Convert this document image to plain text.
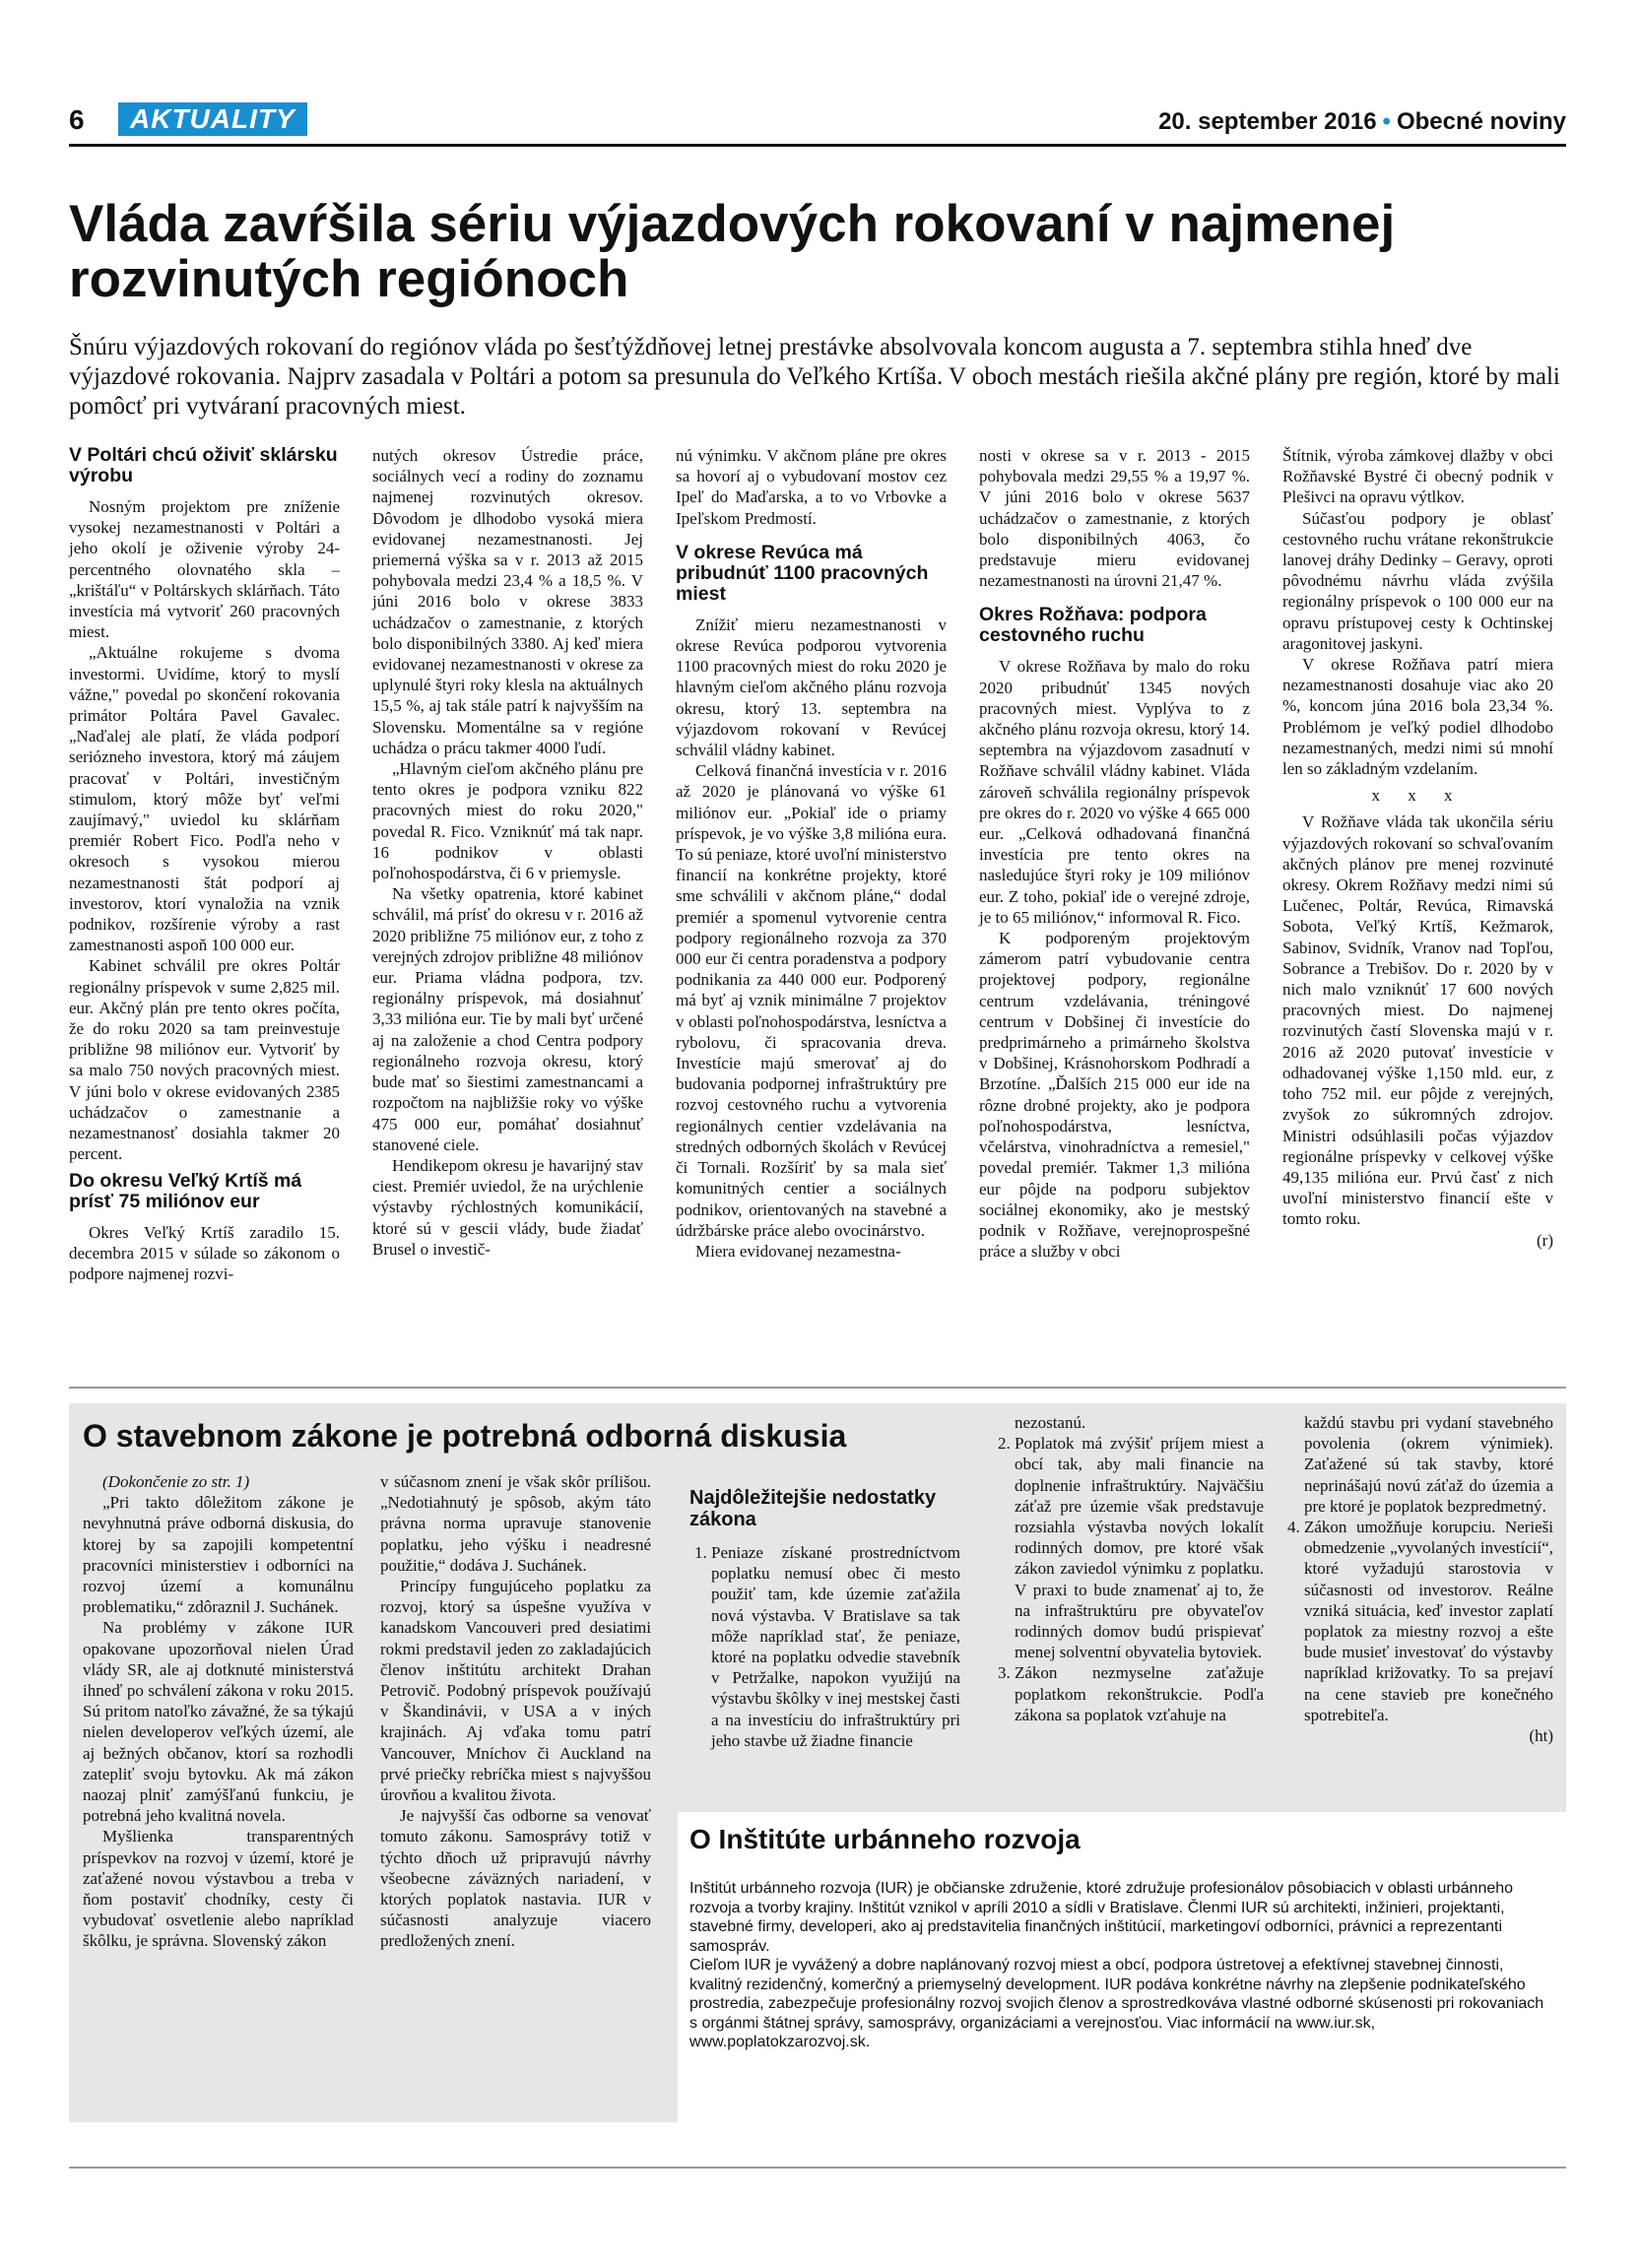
6	AKTUALITY	20. september 2016 • Obecné noviny
Vláda zavŕšila sériu výjazdových rokovaní v najmenej rozvinutých regiónoch

Šnúru výjazdových rokovaní do regiónov vláda po šesťtýždňovej letnej prestávke absolvovala koncom augusta a 7. septembra stihla hneď dve výjazdové rokovania. Najprv zasadala v Poltári a potom sa presunula do Veľkého Krtíša. V oboch mestách riešila akčné plány pre región, ktoré by mali pomôcť pri vytváraní pracovných miest.

V Poltári chcú oživiť sklársku výrobu

Nosným projektom pre zníženie vysokej nezamestnanosti v Poltári a jeho okolí je oživenie výroby 24-percentného olovnatého skla – „krištáľu“ v Poltárskych sklárňach. Táto investícia má vytvoriť 260 pracovných miest.

„Aktuálne rokujeme s dvoma investormi. Uvidíme, ktorý to myslí vážne," povedal po skončení rokovania primátor Poltára Pavel Gavalec. „Naďalej ale platí, že vláda podporí seriózneho investora, ktorý má záujem pracovať v Poltári, investičným stimulom, ktorý môže byť veľmi zaujímavý," uviedol ku sklárňam premiér Robert Fico. Podľa neho v okresoch s vysokou mierou nezamestnanosti štát podporí aj investorov, ktorí vynaložia na vznik podnikov, rozšírenie výroby a rast zamestnanosti aspoň 100 000 eur.

Kabinet schválil pre okres Poltár regionálny príspevok v sume 2,825 mil. eur. Akčný plán pre tento okres počíta, že do roku 2020 sa tam preinvestuje približne 98 miliónov eur. Vytvoriť by sa malo 750 nových pracovných miest. V júni bolo v okrese evidovaných 2385 uchádzačov o zamestnanie a nezamestnanosť dosiahla takmer 20 percent.

Do okresu Veľký Krtíš má prísť 75 miliónov eur

Okres Veľký Krtíš zaradilo 15. decembra 2015 v súlade so zákonom o podpore najmenej rozvi-

nutých okresov Ústredie práce, sociálnych vecí a rodiny do zoznamu najmenej rozvinutých okresov. Dôvodom je dlhodobo vysoká miera evidovanej nezamestnanosti. Jej priemerná výška sa v r. 2013 až 2015 pohybovala medzi 23,4 % a 18,5 %. V júni 2016 bolo v okrese 3833 uchádzačov o zamestnanie, z ktorých bolo disponibilných 3380. Aj keď miera evidovanej nezamestnanosti v okrese za uplynulé štyri roky klesla na aktuálnych 15,5 %, aj tak stále patrí k najvyšším na Slovensku. Momentálne sa v regióne uchádza o prácu takmer 4000 ľudí.

„Hlavným cieľom akčného plánu pre tento okres je podpora vzniku 822 pracovných miest do roku 2020," povedal R. Fico. Vzniknúť má tak napr. 16 podnikov v oblasti poľnohospodárstva, či 6 v priemysle.

Na všetky opatrenia, ktoré kabinet schválil, má prísť do okresu v r. 2016 až 2020 približne 75 miliónov eur, z toho z verejných zdrojov približne 48 miliónov eur. Priama vládna podpora, tzv. regionálny príspevok, má dosiahnuť 3,33 milióna eur. Tie by mali byť určené aj na založenie a chod Centra podpory regionálneho rozvoja okresu, ktorý bude mať so šiestimi zamestnancami a rozpočtom na najbližšie roky vo výške 475 000 eur, pomáhať dosiahnuť stanovené ciele.

Hendikepom okresu je havarijný stav ciest. Premiér uviedol, že na urýchlenie výstavby rýchlostných komunikácií, ktoré sú v gescii vlády, bude žiadať Brusel o investič-

nú výnimku. V akčnom pláne pre okres sa hovorí aj o vybudovaní mostov cez Ipeľ do Maďarska, a to vo Vrbovke a Ipeľskom Predmostí.

V okrese Revúca má pribudnúť 1100 pracovných miest

Znížiť mieru nezamestnanosti v okrese Revúca podporou vytvorenia 1100 pracovných miest do roku 2020 je hlavným cieľom akčného plánu rozvoja okresu, ktorý 13. septembra na výjazdovom rokovaní v Revúcej schválil vládny kabinet.

Celková finančná investícia v r. 2016 až 2020 je plánovaná vo výške 61 miliónov eur. „Pokiaľ ide o priamy príspevok, je vo výške 3,8 milióna eura. To sú peniaze, ktoré uvoľní ministerstvo financií na konkrétne projekty, ktoré sme schválili v akčnom pláne,“ dodal premiér a spomenul vytvorenie centra podpory regionálneho rozvoja za 370 000 eur či centra poradenstva a podpory podnikania za 440 000 eur. Podporený má byť aj vznik minimálne 7 projektov v oblasti poľnohospodárstva, lesníctva a rybolovu, či spracovania dreva. Investície majú smerovať aj do budovania podpornej infraštruktúry pre rozvoj cestovného ruchu a vytvorenia regionálnych centier vzdelávania na stredných odborných školách v Revúcej či Tornali. Rozšíriť by sa mala sieť komunitných centier a sociálnych podnikov, orientovaných na stavebné a údržbárske práce alebo ovocinárstvo.

Miera evidovanej nezamestna-

nosti v okrese sa v r. 2013 - 2015 pohybovala medzi 29,55 % a 19,97 %. V júni 2016 bolo v okrese 5637 uchádzačov o zamestnanie, z ktorých bolo disponibilných 4063, čo predstavuje mieru evidovanej nezamestnanosti na úrovni 21,47 %.

Okres Rožňava: podpora cestovného ruchu

V okrese Rožňava by malo do roku 2020 pribudnúť 1345 nových pracovných miest. Vyplýva to z akčného plánu rozvoja okresu, ktorý 14. septembra na výjazdovom zasadnutí v Rožňave schválil vládny kabinet. Vláda zároveň schválila regionálny príspevok pre okres do r. 2020 vo výške 4 665 000 eur. „Celková odhadovaná finančná investícia pre tento okres na nasledujúce štyri roky je 109 miliónov eur. Z toho, pokiaľ ide o verejné zdroje, je to 65 miliónov,“ informoval R. Fico.

K podporeným projektovým zámerom patrí vybudovanie centra projektovej podpory, regionálne centrum vzdelávania, tréningové centrum v Dobšinej či investície do predprimárneho a primárneho školstva v Dobšinej, Krásnohorskom Podhradí a Brzotíne. „Ďalších 215 000 eur ide na rôzne drobné projekty, ako je podpora poľnohospodárstva, lesníctva, včelárstva, vinohradníctva a remesiel," povedal premiér. Takmer 1,3 milióna eur pôjde na podporu subjektov sociálnej ekonomiky, ako je mestský podnik v Rožňave, verejnoprospešné práce a služby v obci

Štítnik, výroba zámkovej dlažby v obci Rožňavské Bystré či obecný podnik v Plešivci na opravu výtlkov.

Súčasťou podpory je oblasť cestovného ruchu vrátane rekonštrukcie lanovej dráhy Dedinky – Geravy, oproti pôvodnému návrhu vláda zvýšila regionálny príspevok o 100 000 eur na opravu prístupovej cesty k Ochtinskej aragonitovej jaskyni.

V okrese Rožňava patrí miera nezamestnanosti dosahuje viac ako 20 %, koncom júna 2016 bola 23,34 %. Problémom je veľký podiel dlhodobo nezamestnaných, medzi nimi sú mnohí len so základným vzdelaním.

x x x

V Rožňave vláda tak ukončila sériu výjazdových rokovaní so schvaľovaním akčných plánov pre menej rozvinuté okresy. Okrem Rožňavy medzi nimi sú Lučenec, Poltár, Revúca, Rimavská Sobota, Veľký Krtíš, Kežmarok, Sabinov, Svidník, Vranov nad Topľou, Sobrance a Trebišov. Do r. 2020 by v nich malo vzniknúť 17 600 nových pracovných miest. Do najmenej rozvinutých častí Slovenska majú v r. 2016 až 2020 putovať investície v odhadovanej výške 1,150 mld. eur, z toho 752 mil. eur pôjde z verejných, zvyšok zo súkromných zdrojov. Ministri odsúhlasili počas výjazdov regionálne príspevky v celkovej výške 49,135 milióna eur. Prvú časť z nich uvoľní ministerstvo financií ešte v tomto roku.

(r)

O stavebnom zákone je potrebná odborná diskusia

(Dokončenie zo str. 1)

„Pri takto dôležitom zákone je nevyhnutná práve odborná diskusia, do ktorej by sa zapojili kompetentní pracovníci ministerstiev i odborníci na rozvoj území a komunálnu problematiku,“ zdôraznil J. Suchánek.

Na problémy v zákone IUR opakovane upozorňoval nielen Úrad vlády SR, ale aj dotknuté ministerstvá ihneď po schválení zákona v roku 2015. Sú pritom natoľko závažné, že sa týkajú nielen developerov veľkých území, ale aj bežných občanov, ktorí sa rozhodli zatepliť svoju bytovku. Ak má zákon naozaj plniť zamýšľanú funkciu, je potrebná jeho kvalitná novela.

Myšlienka transparentných príspevkov na rozvoj v území, ktoré je zaťažené novou výstavbou a treba v ňom postaviť chodníky, cesty či vybudovať osvetlenie alebo napríklad škôlku, je správna. Slovenský zákon

v súčasnom znení je však skôr prílišou. „Nedotiahnutý je spôsob, akým táto právna norma upravuje stanovenie poplatku, jeho výšku i neadresné použitie,“ dodáva J. Suchánek.

Princípy fungujúceho poplatku za rozvoj, ktorý sa úspešne využíva v kanadskom Vancouveri pred desiatimi rokmi predstavil jeden zo zakladajúcich členov inštitútu architekt Drahan Petrovič. Podobný príspevok používajú v Škandinávii, v USA a v iných krajinách. Aj vďaka tomu patrí Vancouver, Mníchov či Auckland na prvé priečky rebríčka miest s najvyššou úrovňou a kvalitou života.

Je najvyšší čas odborne sa venovať tomuto zákonu. Samosprávy totiž v týchto dňoch už pripravujú návrhy všeobecne záväzných nariadení, v ktorých poplatok nastavia. IUR v súčasnosti analyzuje viacero predložených znení.

Najdôležitejšie nedostatky zákona
1. Peniaze získané prostredníctvom poplatku nemusí obec či mesto použiť tam, kde územie zaťažila nová výstavba. V Bratislave sa tak môže napríklad stať, že peniaze, ktoré na poplatku odvedie stavebník v Petržalke, napokon využijú na výstavbu škôlky v inej mestskej časti a na investíciu do infraštruktúry pri jeho stavbe už žiadne financie

nezostanú.

2. Poplatok má zvýšiť príjem miest a obcí tak, aby mali financie na doplnenie infraštruktúry. Najväčšiu záťaž pre územie však predstavuje rozsiahla výstavba nových lokalít rodinných domov, pre ktoré však zákon zaviedol výnimku z poplatku. V praxi to bude znamenať aj to, že na infraštruktúru pre obyvateľov rodinných domov budú prispievať menej solventní obyvatelia bytoviek.
3. Zákon nezmyselne zaťažuje poplatkom rekonštrukcie. Podľa zákona sa poplatok vzťahuje na

každú stavbu pri vydaní stavebného povolenia (okrem výnimiek). Zaťažené sú tak stavby, ktoré neprinášajú novú záťaž do územia a pre ktoré je poplatok bezpredmetný.

4. Zákon umožňuje korupciu. Nerieši obmedzenie „vyvolaných investícií“, ktoré vyžadujú starostovia v súčasnosti od investorov. Reálne vzniká situácia, keď investor zaplatí poplatok za miestny rozvoj a ešte bude musieť investovať do výstavby napríklad križovatky. To sa prejaví na cene stavieb pre konečného spotrebiteľa.

(ht)

O Inštitúte urbánneho rozvoja

Inštitút urbánneho rozvoja (IUR) je občianske združenie, ktoré združuje profesionálov pôsobiacich v oblasti urbánneho rozvoja a tvorby krajiny. Inštitút vznikol v apríli 2010 a sídli v Bratislave. Členmi IUR sú architekti, inžinieri, projektanti, stavebné firmy, developeri, ako aj predstavitelia finančných inštitúcií, marketingoví odborníci, právnici a reprezentanti samospráv.

Cieľom IUR je vyvážený a dobre naplánovaný rozvoj miest a obcí, podpora ústretovej a efektívnej stavebnej činnosti, kvalitný rezidenčný, komerčný a priemyselný development. IUR podáva konkrétne návrhy na zlepšenie podnikateľského prostredia, zabezpečuje profesionálny rozvoj svojich členov a sprostredkováva vlastné odborné skúsenosti pri rokovaniach s orgánmi štátnej správy, samosprávy, organizáciami a verejnosťou. Viac informácií na www.iur.sk, www.poplatokzarozvoj.sk.
